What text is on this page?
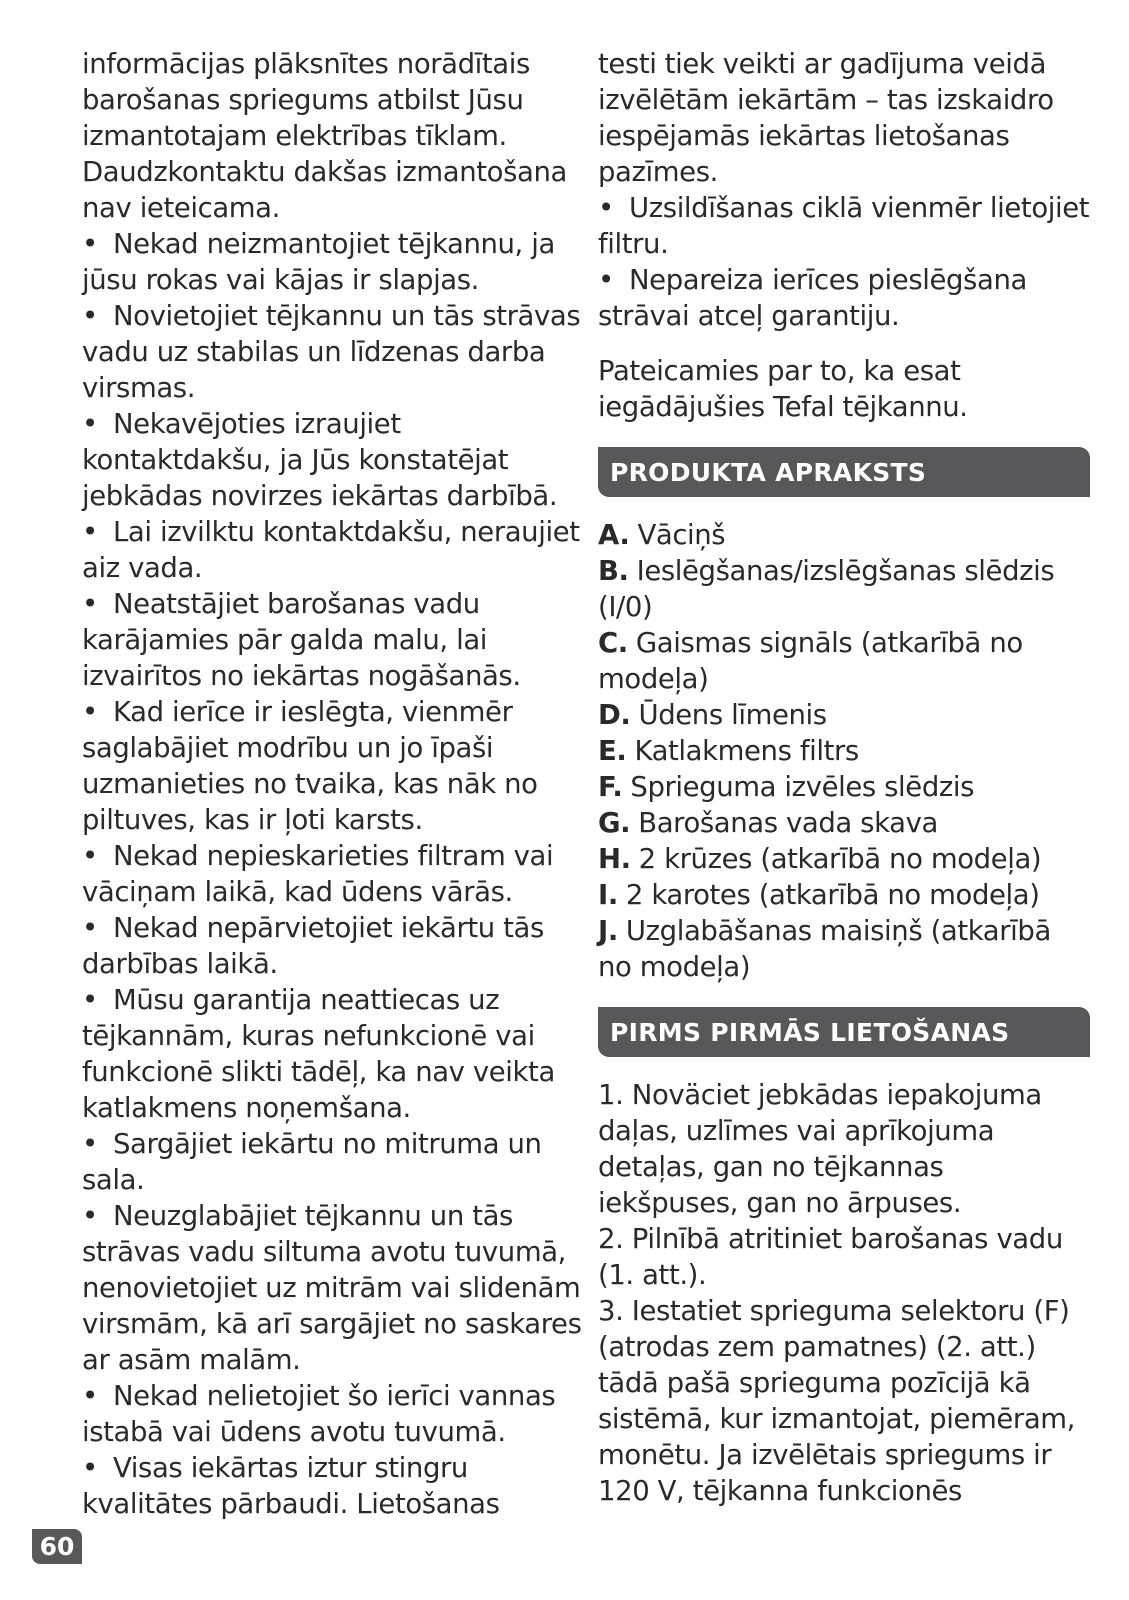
informācijas plāksnītes norādītais barošanas spriegums atbilst Jūsu izmantotajam elektrības tīklam. Daudzkontaktu dakšas izmantošana nav ieteicama.

• Nekad neizmantojiet tējkannu, ja jūsu rokas vai kājas ir slapjas.

• Novietojiet tējkannu un tās strāvas vadu uz stabilas un līdzenas darba virsmas.

• Nekavējoties izraujiet kontaktdakšu, ja Jūs konstatējat jebkādas novirzes iekārtas darbībā.

• Lai izvilktu kontaktdakšu, neraujiet aiz vada.

• Neatstājiet barošanas vadu karājamies pār galda malu, lai izvairītos no iekārtas nogāšanās.

• Kad ierīce ir ieslēgta, vienmēr saglabājiet modrību un jo īpaši uzmanieties no tvaika, kas nāk no piltuves, kas ir ļoti karsts.

• Nekad nepieskarieties filtram vai vāciņam laikā, kad ūdens vārās.

• Nekad nepārvietojiet iekārtu tās darbības laikā.

• Mūsu garantija neattiecas uz tējkannām, kuras nefunkcionē vai funkcionē slikti tādēļ, ka nav veikta katlakmens noņemšana.

• Sargājiet iekārtu no mitruma un sala.

• Neuzglabājiet tējkannu un tās strāvas vadu siltuma avotu tuvumā, nenovietojiet uz mitrām vai slidenām virsmām, kā arī sargājiet no saskares ar asām malām.

• Nekad nelietojiet šo ierīci vannas istabā vai ūdens avotu tuvumā.

• Visas iekārtas iztur stingru kvalitātes pārbaudi. Lietošanas

testi tiek veikti ar gadījuma veidā izvēlētām iekārtām – tas izskaidro iespējamās iekārtas lietošanas pazīmes.

• Uzsildīšanas ciklā vienmēr lietojiet filtru.

• Nepareiza ierīces pieslēgšana strāvai atceļ garantiju.

Pateicamies par to, ka esat iegādājušies Tefal tējkannu.

PRODUKTA APRAKSTS

A. Vāciņš

B. Ieslēgšanas/izslēgšanas slēdzis (I/0)

C. Gaismas signāls (atkarībā no modeļa)

D. Ūdens līmenis

E. Katlakmens filtrs

F. Sprieguma izvēles slēdzis

G. Barošanas vada skava

H. 2 krūzes (atkarībā no modeļa)

I. 2 karotes (atkarībā no modeļa)

J. Uzglabāšanas maisiņš (atkarībā no modeļa)

PIRMS PIRMĀS LIETOŠANAS

1. Noväciet jebkādas iepakojuma daļas, uzlīmes vai aprīkojuma detaļas, gan no tējkannas iekšpuses, gan no ārpuses.

2. Pilnībā atritiniet barošanas vadu (1. att.).

3. Iestatiet sprieguma selektoru (F) (atrodas zem pamatnes) (2. att.) tādā pašā sprieguma pozīcijā kā sistēmā, kur izmantojat, piemēram, monētu. Ja izvēlētais spriegums ir 120 V, tējkanna funkcionēs

60
